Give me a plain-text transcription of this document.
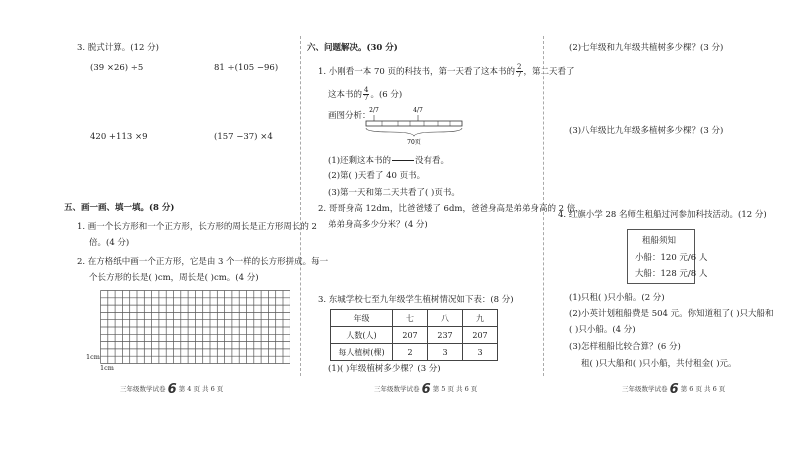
3. 脱式计算。(12 分)
(39 ×26) ÷5	81 ÷(105 −96)
420 +113 ×9	(157 −37) ×4
五、画一画、填一填。(8 分)
1. 画一个长方形和一个正方形，长方形的周长是正方形周长的 2
倍。(4 分)
2. 在方格纸中画一个正方形，它是由 3 个一样的长方形拼成。每一
个长方形的长是( )cm，周长是( )cm。(4 分)
1cm
1cm
三年级数学试卷 6 第 4 页 共 6 页
六、问题解决。(30 分)
1. 小刚看一本 70 页的科技书，第一天看了这本书的 $\frac{2}{7}$ ，第二天看了
这本书的 $\frac{4}{7}$ 。(6 分)
画图分析：
2/7	4/7
70页
(1)还剩这本书的

	没有看。
(2)第( )天看了 40 页书。
(3)第一天和第二天共看了( )页书。
2. 哥哥身高 12dm，比爸爸矮了 6dm，爸爸身高是弟弟身高的 2 倍，
弟弟身高多少分米？(4 分)
3. 东城学校七至九年级学生植树情况如下表：(8 分)
年级	七	八	九
人数(人)	207	237	207
每人植树(棵)	2	3	3
(1)( )年级植树多少棵？(3 分)
三年级数学试卷 6 第 5 页 共 6 页
(2)七年级和九年级共植树多少棵？(3 分)
(3)八年级比九年级多植树多少棵？(3 分)
4. 红旗小学 28 名师生租船过河参加科技活动。(12 分)
租船须知
小船：120 元/6 人
大船：128 元/8 人
(1)只租( )只小船。(2 分)
(2)小英计划租船费是 504 元。你知道租了( )只大船和
( )只小船。(4 分)
(3)怎样租船比较合算？(6 分)
租( )只大船和( )只小船，共付租金( )元。
三年级数学试卷 6 第 6 页 共 6 页
